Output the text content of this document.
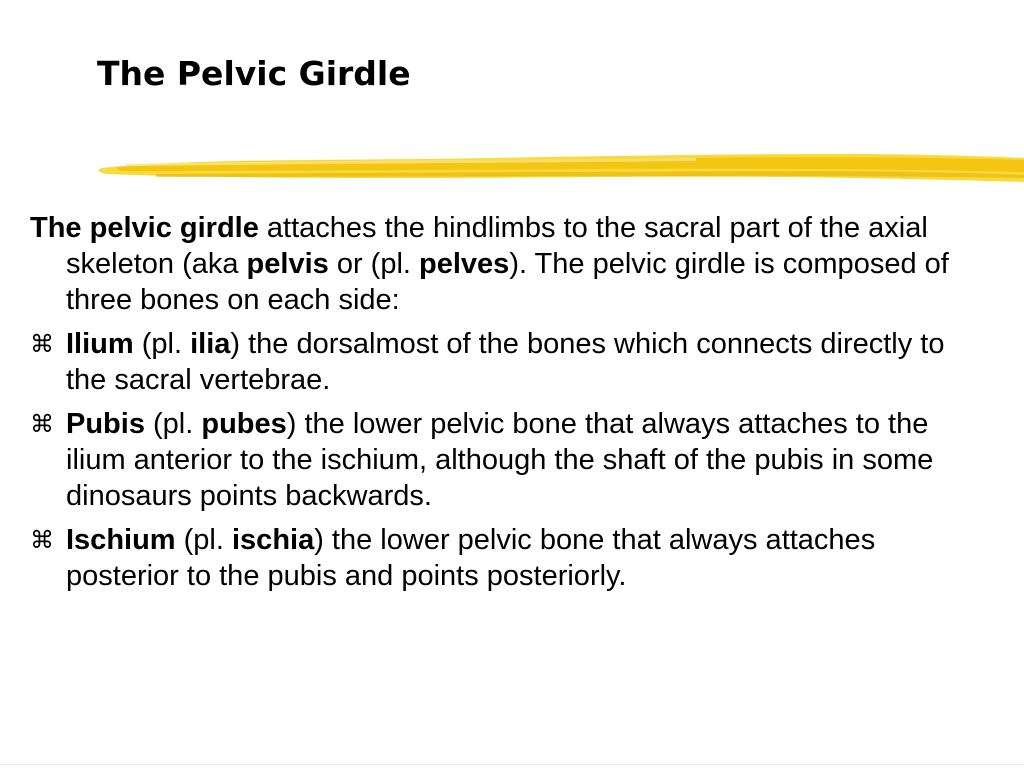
The Pelvic Girdle

The pelvic girdle attaches the hindlimbs to the sacral part of the axial skeleton (aka pelvis or (pl. pelves). The pelvic girdle is composed of three bones on each side:

⌘ Ilium (pl. ilia) the dorsalmost of the bones which connects directly to the sacral vertebrae.
⌘ Pubis (pl. pubes) the lower pelvic bone that always attaches to the ilium anterior to the ischium, although the shaft of the pubis in some dinosaurs points backwards.
⌘ Ischium (pl. ischia) the lower pelvic bone that always attaches posterior to the pubis and points posteriorly.
